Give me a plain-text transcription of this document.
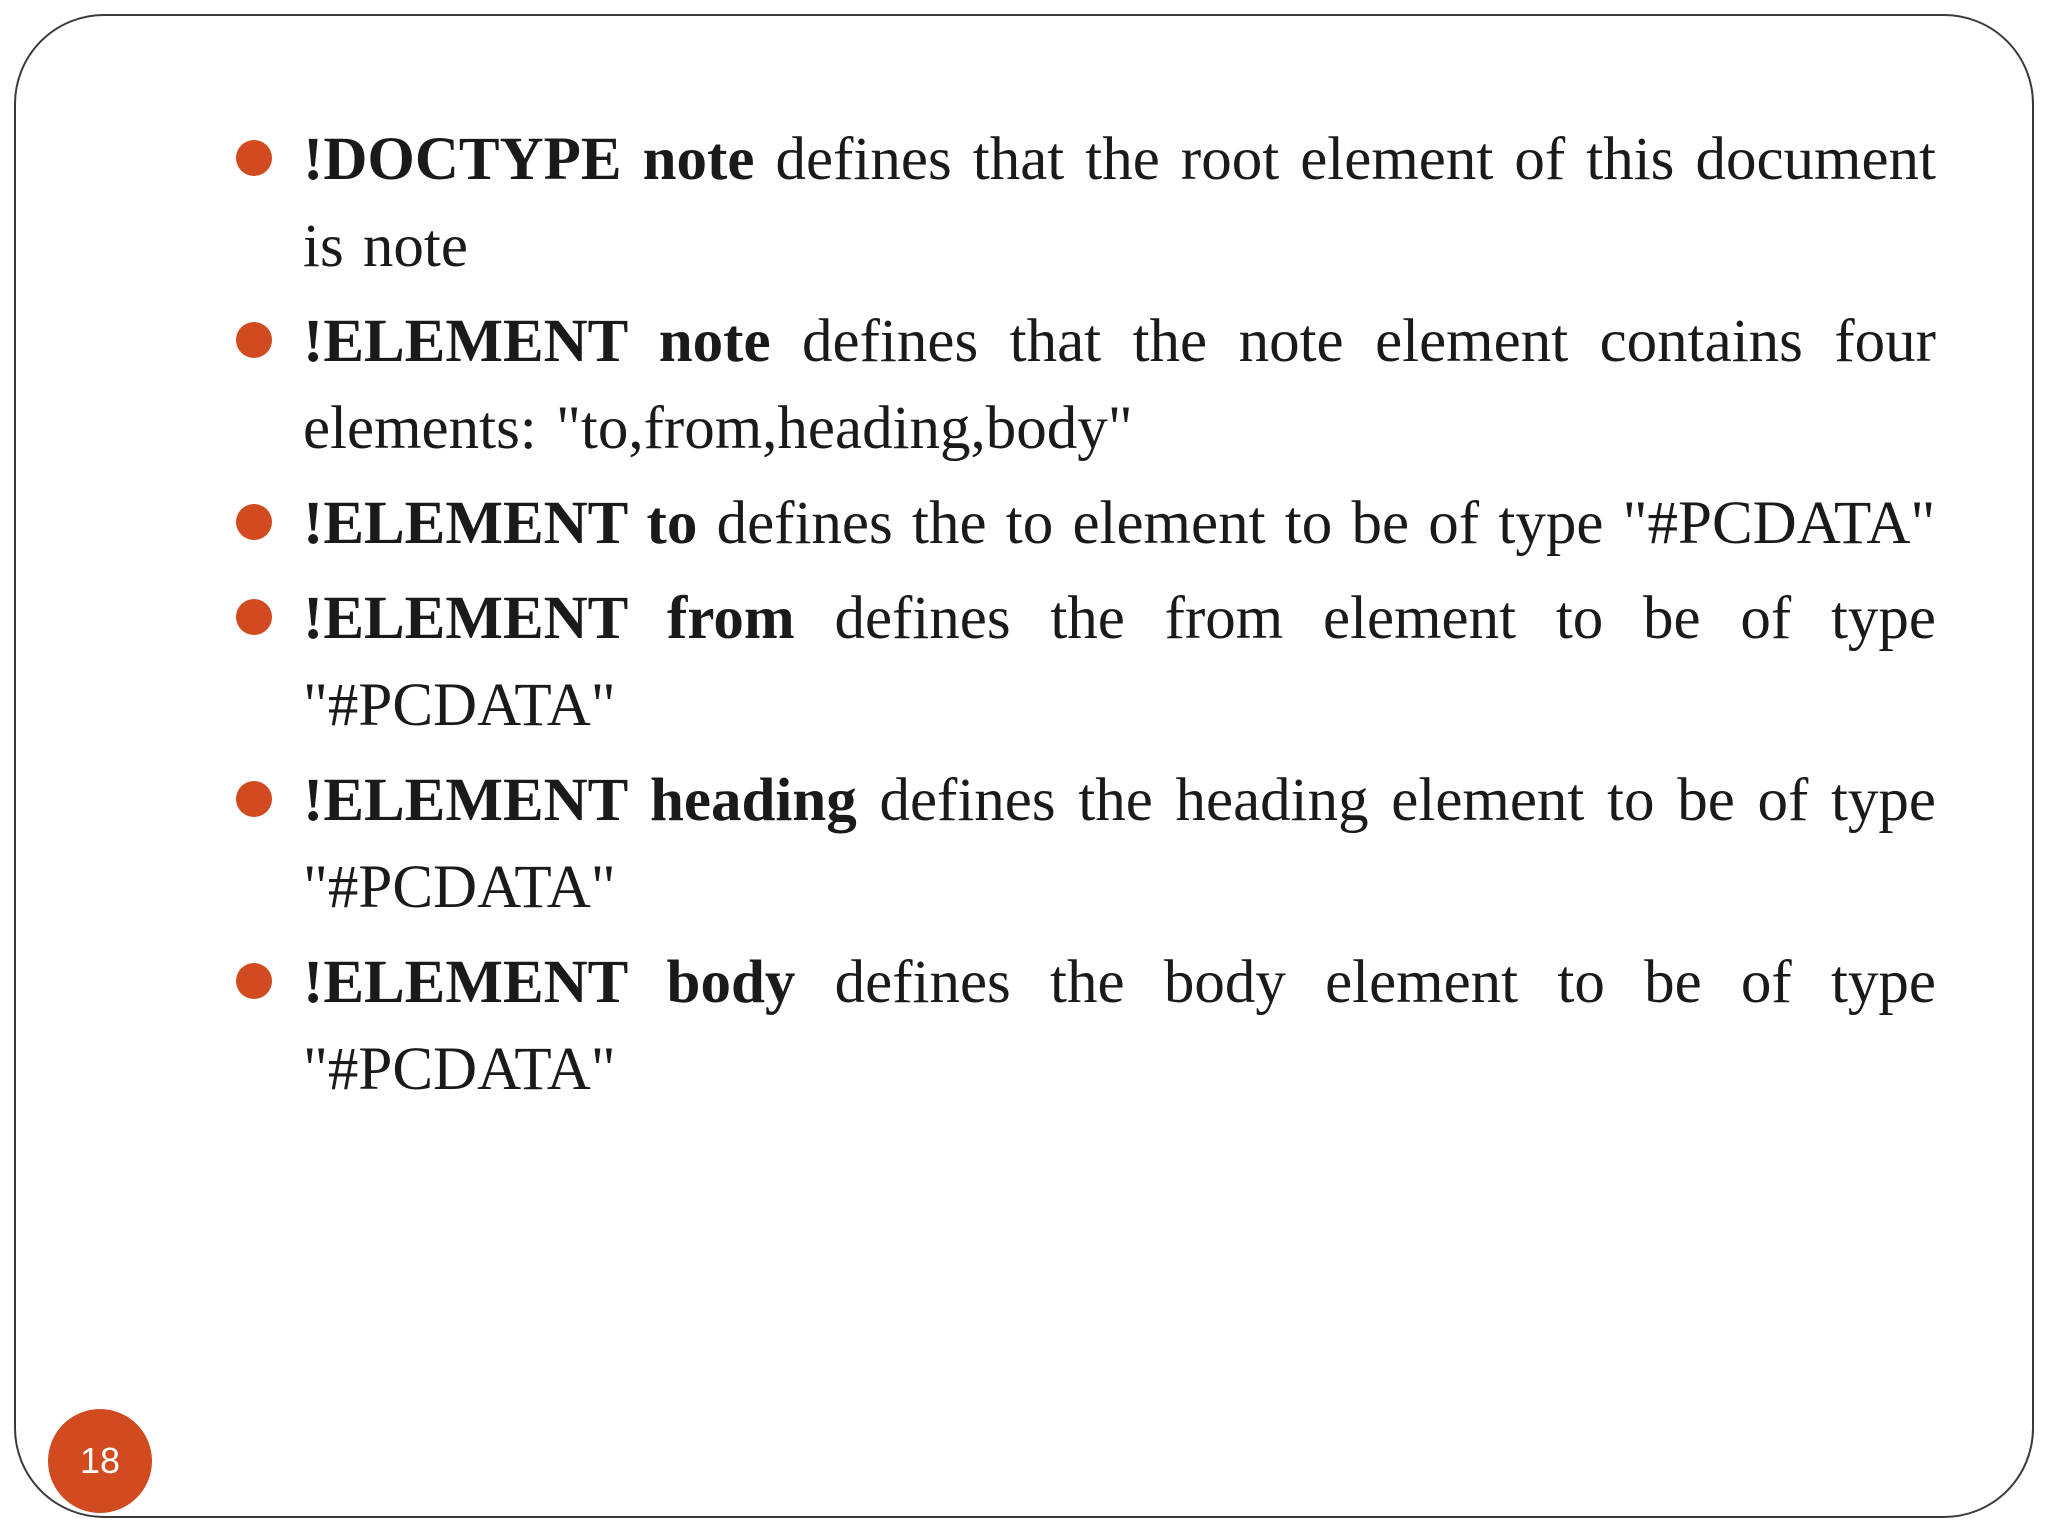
!DOCTYPE note defines that the root element of this document is note
!ELEMENT note defines that the note element contains four elements: "to,from,heading,body"
!ELEMENT to defines the to element to be of type "#PCDATA"
!ELEMENT from defines the from element to be of type "#PCDATA"
!ELEMENT heading defines the heading element to be of type "#PCDATA"
!ELEMENT body defines the body element to be of type "#PCDATA"
18
